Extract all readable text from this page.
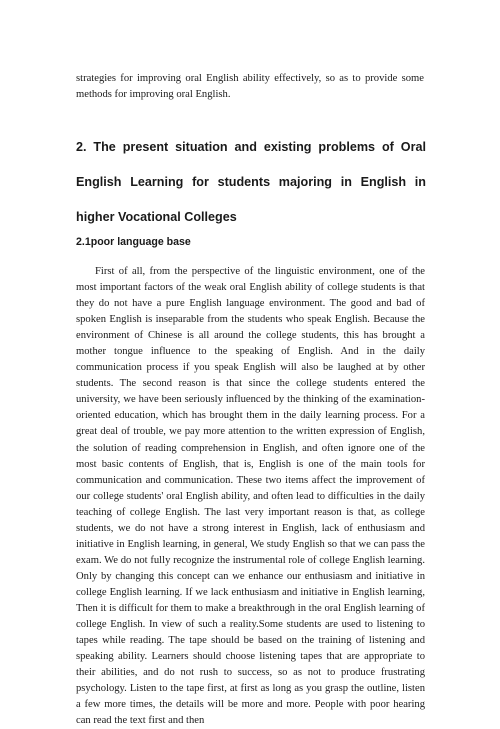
strategies for improving oral English ability effectively, so as to provide some methods for improving oral English.

2. The present situation and existing problems of Oral English Learning for students majoring in English in higher Vocational Colleges
2.1poor language base

First of all, from the perspective of the linguistic environment, one of the most important factors of the weak oral English ability of college students is that they do not have a pure English language environment. The good and bad of spoken English is inseparable from the students who speak English. Because the environment of Chinese is all around the college students, this has brought a mother tongue influence to the speaking of English. And in the daily communication process if you speak English will also be laughed at by other students. The second reason is that since the college students entered the university, we have been seriously influenced by the thinking of the examination-oriented education, which has brought them in the daily learning process. For a great deal of trouble, we pay more attention to the written expression of English, the solution of reading comprehension in English, and often ignore one of the most basic contents of English, that is, English is one of the main tools for communication and communication. These two items affect the improvement of our college students' oral English ability, and often lead to difficulties in the daily teaching of college English. The last very important reason is that, as college students, we do not have a strong interest in English, lack of enthusiasm and initiative in English learning, in general, We study English so that we can pass the exam. We do not fully recognize the instrumental role of college English learning. Only by changing this concept can we enhance our enthusiasm and initiative in college English learning. If we lack enthusiasm and initiative in English learning, Then it is difficult for them to make a breakthrough in the oral English learning of college English. In view of such a reality.Some students are used to listening to tapes while reading. The tape should be based on the training of listening and speaking ability. Learners should choose listening tapes that are appropriate to their abilities, and do not rush to success, so as not to produce frustrating psychology. Listen to the tape first, at first as long as you grasp the outline, listen a few more times, the details will be more and more. People with poor hearing can read the text first and then
